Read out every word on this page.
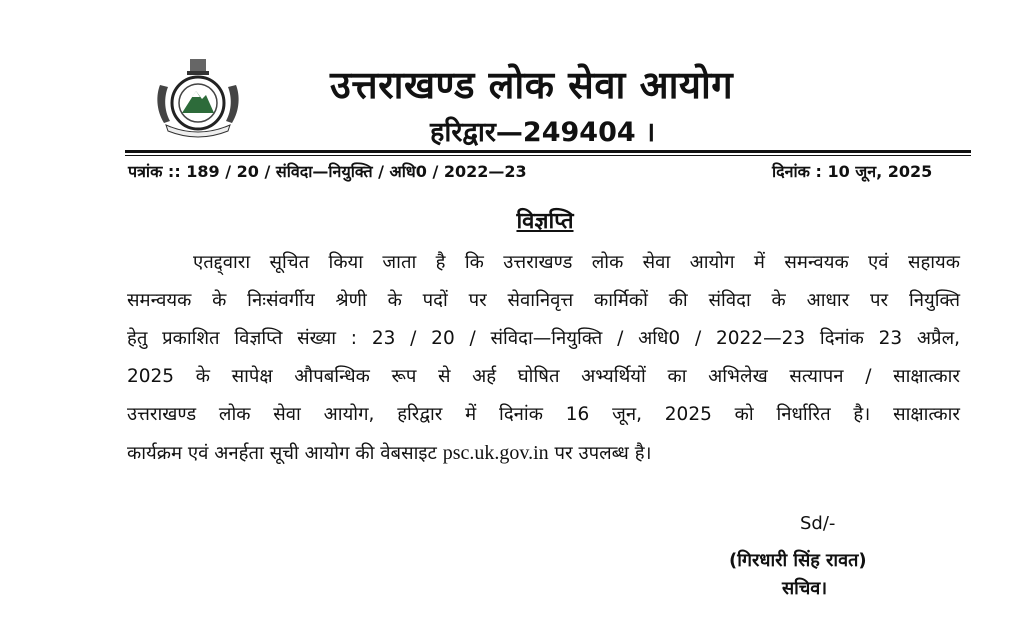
उत्तराखण्ड लोक सेवा आयोग
हरिद्वार—249404 ।
पत्रांक :: 189 / 20 / संविदा—नियुक्ति / अधि0 / 2022—23	दिनांक : 10 जून, 2025
विज्ञप्ति
एतद्द्वारा सूचित किया जाता है कि उत्तराखण्ड लोक सेवा आयोग में समन्वयक एवं सहायक
समन्वयक के निःसंवर्गीय श्रेणी के पदों पर सेवानिवृत्त कार्मिकों की संविदा के आधार पर नियुक्ति
हेतु प्रकाशित विज्ञप्ति संख्या : 23 / 20 / संविदा—नियुक्ति / अधि0 / 2022—23 दिनांक 23 अप्रैल,
2025 के सापेक्ष औपबन्धिक रूप से अर्ह घोषित अभ्यर्थियों का अभिलेख सत्यापन / साक्षात्कार
उत्तराखण्ड लोक सेवा आयोग, हरिद्वार में दिनांक 16 जून, 2025 को निर्धारित है। साक्षात्कार
कार्यक्रम एवं अनर्हता सूची आयोग की वेबसाइट psc.uk.gov.in पर उपलब्ध है।
Sd/-
(गिरधारी सिंह रावत)
सचिव।
